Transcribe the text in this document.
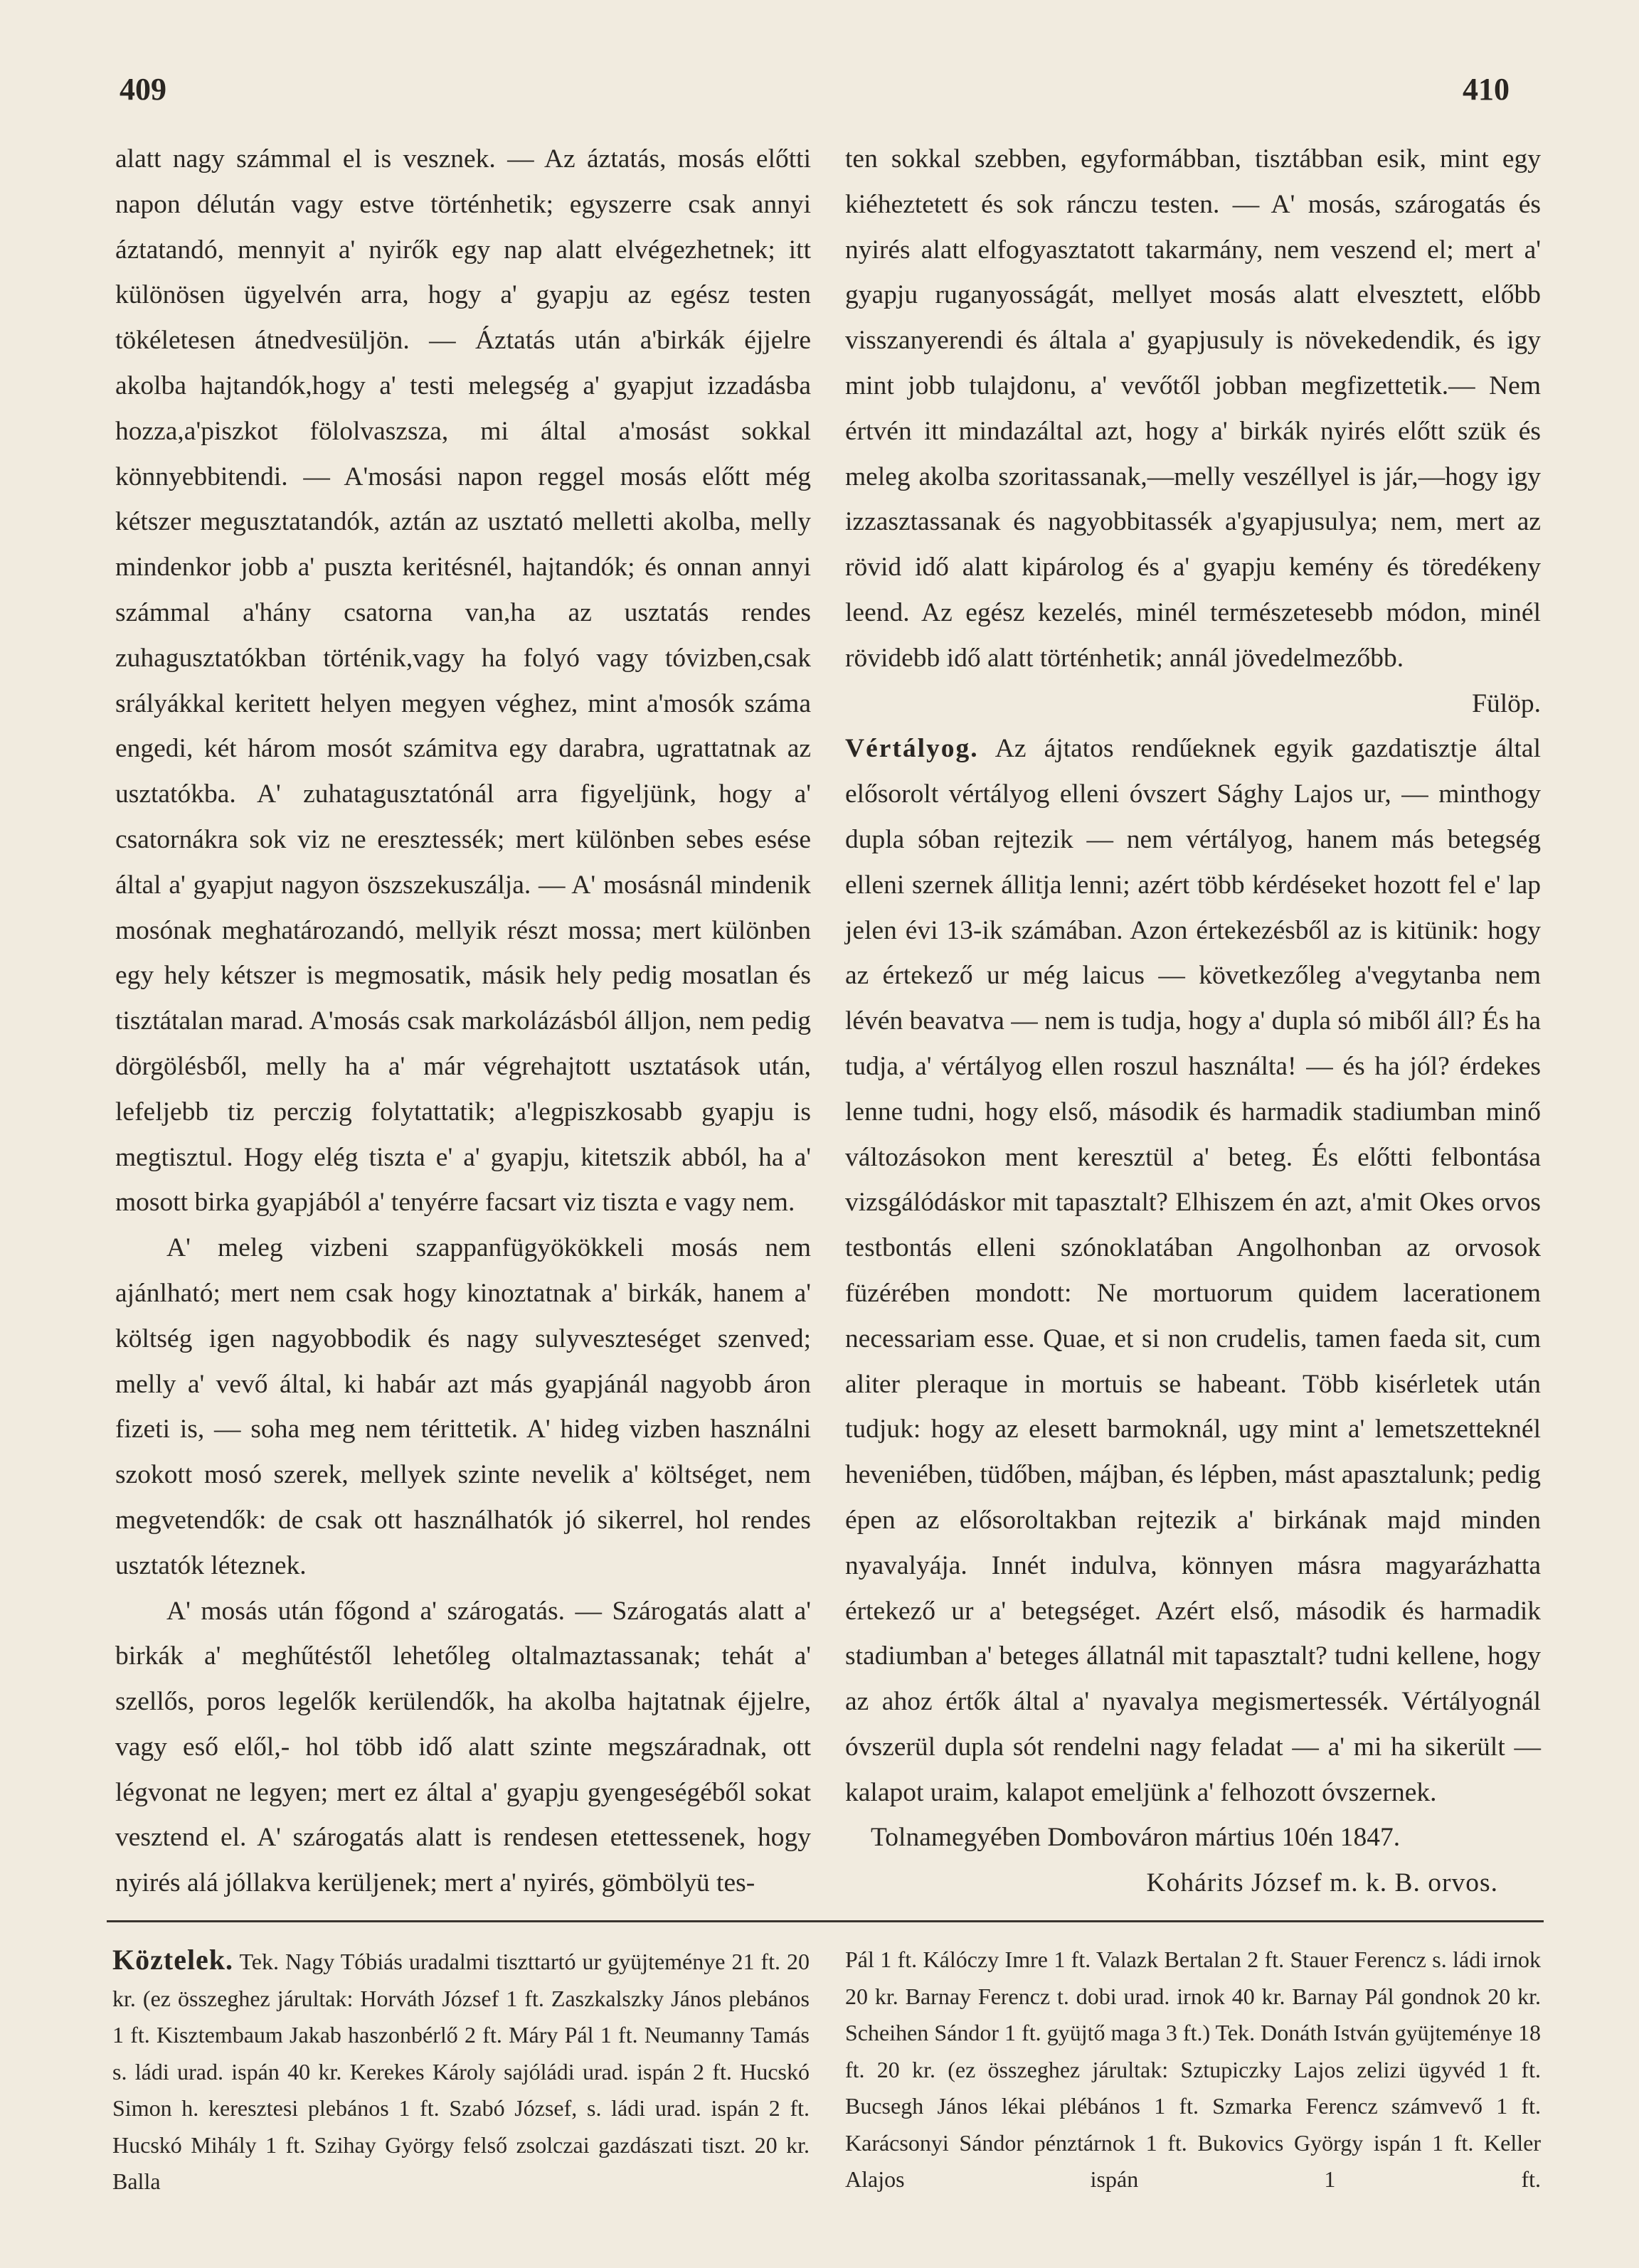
409	410

alatt nagy számmal el is vesznek. — Az áztatás, mosás előtti napon délután vagy estve történhetik; egyszerre csak annyi áztatandó, mennyit a' nyirők egy nap alatt elvégezhetnek; itt különösen ügyelvén arra, hogy a' gyapju az egész testen tökéletesen átnedvesüljön. — Áztatás után a'birkák éjjelre akolba hajtandók,hogy a' testi melegség a' gyapjut izzadásba hozza,a'piszkot fölolvaszsza, mi által a'mosást sokkal könnyebbitendi. — A'mosási napon reggel mosás előtt még kétszer megusztatandók, aztán az usztató melletti akolba, melly mindenkor jobb a' puszta keritésnél, hajtandók; és onnan annyi számmal a'hány csatorna van,ha az usztatás rendes zuhagusztatókban történik,vagy ha folyó vagy tóvizben,csak srályákkal keritett helyen megyen véghez, mint a'mosók száma engedi, két három mosót számitva egy darabra, ugrattatnak az usztatókba. A' zuhatagusztatónál arra figyeljünk, hogy a' csatornákra sok viz ne eresztessék; mert különben sebes esése által a' gyapjut nagyon öszszekuszálja. — A' mosásnál mindenik mosónak meghatározandó, mellyik részt mossa; mert különben egy hely kétszer is megmosatik, másik hely pedig mosatlan és tisztátalan marad. A'mosás csak markolázásból álljon, nem pedig dörgölésből, melly ha a' már végrehajtott usztatások után, lefeljebb tiz perczig folytattatik; a'legpiszkosabb gyapju is megtisztul. Hogy elég tiszta e' a' gyapju, kitetszik abból, ha a' mosott birka gyapjából a' tenyérre facsart viz tiszta e vagy nem.

A' meleg vizbeni szappanfügyökökkeli mosás nem ajánlható; mert nem csak hogy kinoztatnak a' birkák, hanem a' költség igen nagyobbodik és nagy sulyveszteséget szenved; melly a' vevő által, ki habár azt más gyapjánál nagyobb áron fizeti is, — soha meg nem térittetik. A' hideg vizben használni szokott mosó szerek, mellyek szinte nevelik a' költséget, nem megvetendők: de csak ott használhatók jó sikerrel, hol rendes usztatók léteznek.

A' mosás után főgond a' szárogatás. — Szárogatás alatt a' birkák a' meghűtéstől lehetőleg oltalmaztassanak; tehát a' szellős, poros legelők kerülendők, ha akolba hajtatnak éjjelre, vagy eső elől,- hol több idő alatt szinte megszáradnak, ott légvonat ne legyen; mert ez által a' gyapju gyengeségéből sokat vesztend el. A' szárogatás alatt is rendesen etettessenek, hogy nyirés alá jóllakva kerüljenek; mert a' nyirés, gömbölyü tes-

ten sokkal szebben, egyformábban, tisztábban esik, mint egy kiéheztetett és sok ránczu testen. — A' mosás, szárogatás és nyirés alatt elfogyasztatott takarmány, nem veszend el; mert a' gyapju ruganyosságát, mellyet mosás alatt elvesztett, előbb visszanyerendi és általa a' gyapjusuly is növekedendik, és igy mint jobb tulajdonu, a' vevőtől jobban megfizettetik.— Nem értvén itt mindazáltal azt, hogy a' birkák nyirés előtt szük és meleg akolba szoritassanak,—melly veszéllyel is jár,—hogy igy izzasztassanak és nagyobbitassék a'gyapjusulya; nem, mert az rövid idő alatt kipárolog és a' gyapju kemény és töredékeny leend. Az egész kezelés, minél természetesebb módon, minél rövidebb idő alatt történhetik; annál jövedelmezőbb.

Fülöp.

Vértályog. Az ájtatos rendűeknek egyik gazdatisztje által elősorolt vértályog elleni óvszert Sághy Lajos ur, — minthogy dupla sóban rejtezik — nem vértályog, hanem más betegség elleni szernek állitja lenni; azért több kérdéseket hozott fel e' lap jelen évi 13-ik számában. Azon értekezésből az is kitünik: hogy az értekező ur még laicus — következőleg a'vegytanba nem lévén beavatva — nem is tudja, hogy a' dupla só miből áll? És ha tudja, a' vértályog ellen roszul használta! — és ha jól? érdekes lenne tudni, hogy első, második és harmadik stadiumban minő változásokon ment keresztül a' beteg. És előtti felbontása vizsgálódáskor mit tapasztalt? Elhiszem én azt, a'mit Okes orvos testbontás elleni szónoklatában Angolhonban az orvosok füzérében mondott: Ne mortuorum quidem lacerationem necessariam esse. Quae, et si non crudelis, tamen faeda sit, cum aliter pleraque in mortuis se habeant. Több kisérletek után tudjuk: hogy az elesett barmoknál, ugy mint a' lemetszetteknél heveniében, tüdőben, májban, és lépben, mást apasztalunk; pedig épen az elősoroltakban rejtezik a' birkának majd minden nyavalyája. Innét indulva, könnyen másra magyarázhatta értekező ur a' betegséget. Azért első, második és harmadik stadiumban a' beteges állatnál mit tapasztalt? tudni kellene, hogy az ahoz értők által a' nyavalya megismertessék. Vértályognál óvszerül dupla sót rendelni nagy feladat — a' mi ha sikerült — kalapot uraim, kalapot emeljünk a' felhozott óvszernek.

Tolnamegyében Dombováron mártius 10én 1847.

Kohárits József m. k. B. orvos.

Köztelek. Tek. Nagy Tóbiás uradalmi tiszttartó ur gyüjteménye 21 ft. 20 kr. (ez összeghez járultak: Horváth József 1 ft. Zaszkalszky János plebános 1 ft. Kisztembaum Jakab haszonbérlő 2 ft. Máry Pál 1 ft. Neumanny Tamás s. ládi urad. ispán 40 kr. Kerekes Károly sajóládi urad. ispán 2 ft. Hucskó Simon h. keresztesi plebános 1 ft. Szabó József, s. ládi urad. ispán 2 ft. Hucskó Mihály 1 ft. Szihay György felső zsolczai gazdászati tiszt. 20 kr. Balla
Pál 1 ft. Kálóczy Imre 1 ft. Valazk Bertalan 2 ft. Stauer Ferencz s. ládi irnok 20 kr. Barnay Ferencz t. dobi urad. irnok 40 kr. Barnay Pál gondnok 20 kr. Scheihen Sándor 1 ft. gyüjtő maga 3 ft.) Tek. Donáth István gyüjteménye 18 ft. 20 kr. (ez összeghez járultak: Sztupiczky Lajos zelizi ügyvéd 1 ft. Bucsegh János lékai plébános 1 ft. Szmarka Ferencz számvevő 1 ft. Karácsonyi Sándor pénztárnok 1 ft. Bukovics György ispán 1 ft. Keller Alajos ispán 1 ft.
